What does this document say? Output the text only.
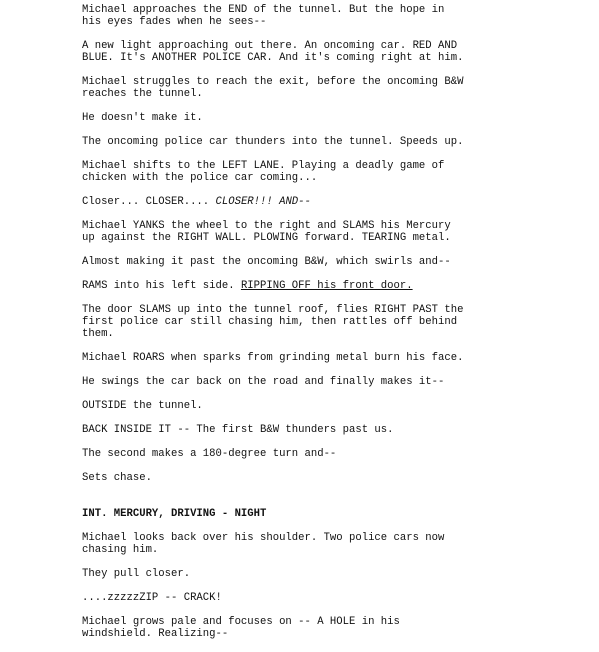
Michael approaches the END of the tunnel. But the hope in
his eyes fades when he sees--

A new light approaching out there. An oncoming car. RED AND
BLUE. It's ANOTHER POLICE CAR. And it's coming right at him.

Michael struggles to reach the exit, before the oncoming B&W
reaches the tunnel.

He doesn't make it.

The oncoming police car thunders into the tunnel. Speeds up.

Michael shifts to the LEFT LANE. Playing a deadly game of
chicken with the police car coming...

Closer... CLOSER.... CLOSER!!! AND--

Michael YANKS the wheel to the right and SLAMS his Mercury
up against the RIGHT WALL. PLOWING forward. TEARING metal.

Almost making it past the oncoming B&W, which swirls and--

RAMS into his left side. RIPPING OFF his front door.

The door SLAMS up into the tunnel roof, flies RIGHT PAST the
first police car still chasing him, then rattles off behind
them.

Michael ROARS when sparks from grinding metal burn his face.

He swings the car back on the road and finally makes it--

OUTSIDE the tunnel.

BACK INSIDE IT -- The first B&W thunders past us.

The second makes a 180-degree turn and--

Sets chase.

INT. MERCURY, DRIVING - NIGHT

Michael looks back over his shoulder. Two police cars now
chasing him.

They pull closer.

....zzzzzZIP -- CRACK!

Michael grows pale and focuses on -- A HOLE in his
windshield. Realizing--
